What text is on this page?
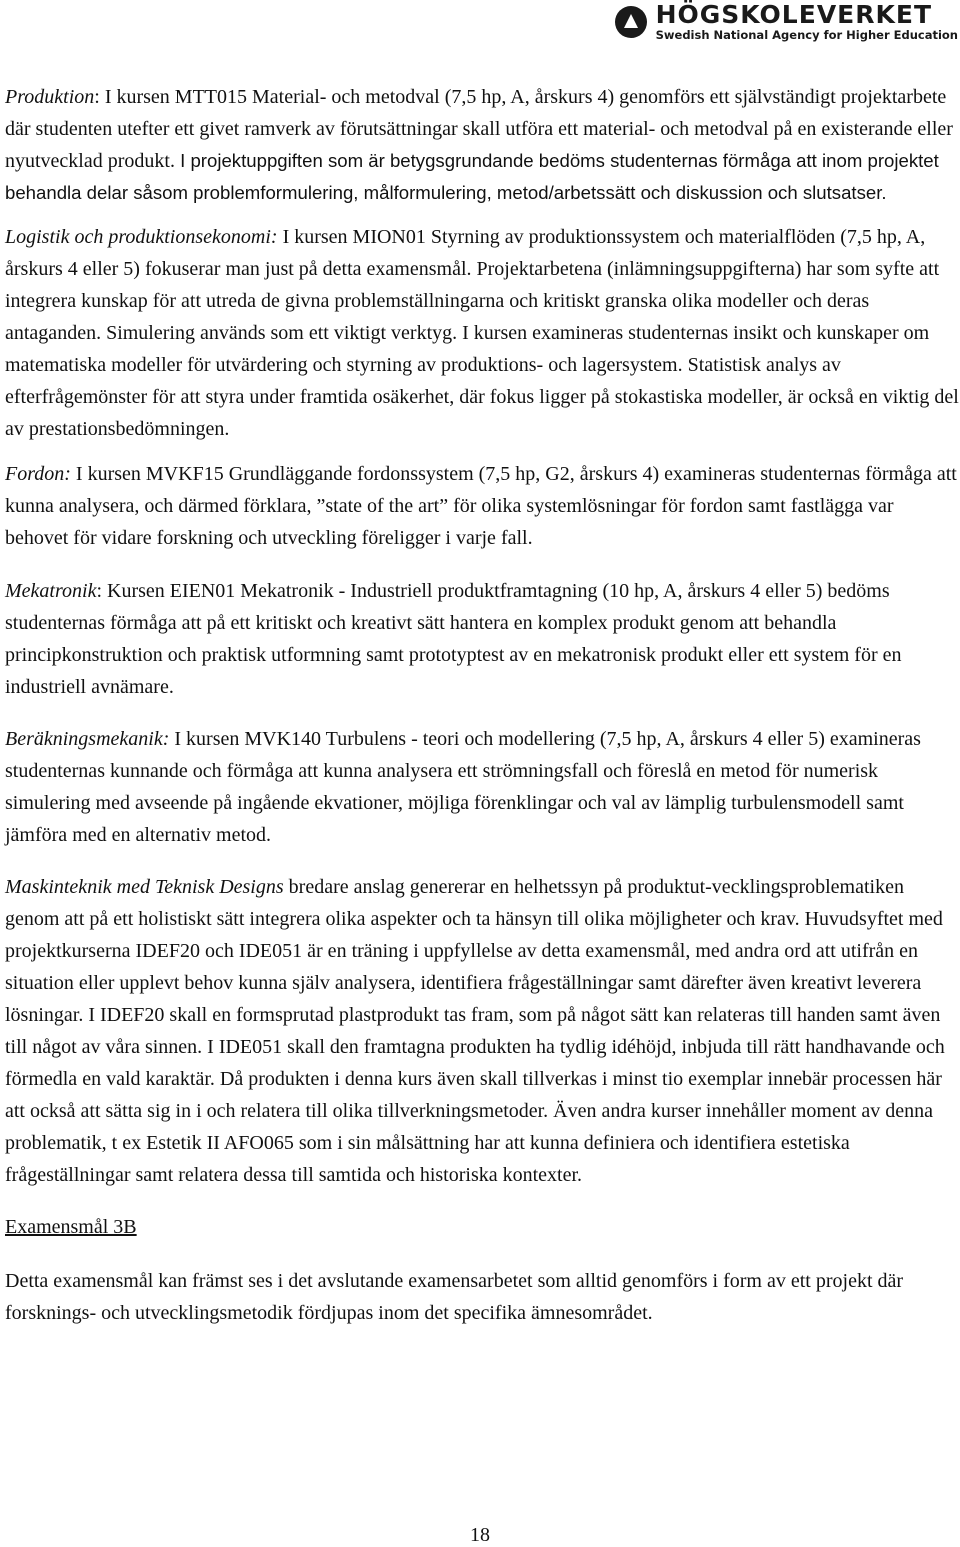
HÖGSKOLEVERKET
Swedish National Agency for Higher Education

Produktion: I kursen MTT015 Material- och metodval (7,5 hp, A, årskurs 4) genomförs ett självständigt projektarbete där studenten utefter ett givet ramverk av förutsättningar skall utföra ett material- och metodval på en existerande eller nyutvecklad produkt. I projektuppgiften som är betygsgrundande bedöms studenternas förmåga att inom projektet behandla delar såsom problemformulering, målformulering, metod/arbetssätt och diskussion och slutsatser.

Logistik och produktionsekonomi: I kursen MION01 Styrning av produktionssystem och materialflöden (7,5 hp, A, årskurs 4 eller 5) fokuserar man just på detta examensmål. Projektarbetena (inlämningsuppgifterna) har som syfte att integrera kunskap för att utreda de givna problemställningarna och kritiskt granska olika modeller och deras antaganden. Simulering används som ett viktigt verktyg. I kursen examineras studenternas insikt och kunskaper om matematiska modeller för utvärdering och styrning av produktions- och lagersystem. Statistisk analys av efterfrågemönster för att styra under framtida osäkerhet, där fokus ligger på stokastiska modeller, är också en viktig del av prestationsbedömningen.

Fordon: I kursen MVKF15 Grundläggande fordonssystem (7,5 hp, G2, årskurs 4) examineras studenternas förmåga att kunna analysera, och därmed förklara, ”state of the art” för olika systemlösningar för fordon samt fastlägga var behovet för vidare forskning och utveckling föreligger i varje fall.

Mekatronik: Kursen EIEN01 Mekatronik - Industriell produktframtagning (10 hp, A, årskurs 4 eller 5) bedöms studenternas förmåga att på ett kritiskt och kreativt sätt hantera en komplex produkt genom att behandla principkonstruktion och praktisk utformning samt prototyptest av en mekatronisk produkt eller ett system för en industriell avnämare.

Beräkningsmekanik: I kursen MVK140 Turbulens - teori och modellering (7,5 hp, A, årskurs 4 eller 5) examineras studenternas kunnande och förmåga att kunna analysera ett strömningsfall och föreslå en metod för numerisk simulering med avseende på ingående ekvationer, möjliga förenklingar och val av lämplig turbulensmodell samt jämföra med en alternativ metod.

Maskinteknik med Teknisk Designs bredare anslag genererar en helhetssyn på produktut-vecklingsproblematiken genom att på ett holistiskt sätt integrera olika aspekter och ta hänsyn till olika möjligheter och krav. Huvudsyftet med projektkurserna IDEF20 och IDE051 är en träning i uppfyllelse av detta examensmål, med andra ord att utifrån en situation eller upplevt behov kunna själv analysera, identifiera frågeställningar samt därefter även kreativt leverera lösningar. I IDEF20 skall en formsprutad plastprodukt tas fram, som på något sätt kan relateras till handen samt även till något av våra sinnen. I IDE051 skall den framtagna produkten ha tydlig idéhöjd, inbjuda till rätt handhavande och förmedla en vald karaktär. Då produkten i denna kurs även skall tillverkas i minst tio exemplar innebär processen här att också att sätta sig in i och relatera till olika tillverkningsmetoder. Även andra kurser innehåller moment av denna problematik, t ex Estetik II AFO065 som i sin målsättning har att kunna definiera och identifiera estetiska frågeställningar samt relatera dessa till samtida och historiska kontexter.

Examensmål 3B

Detta examensmål kan främst ses i det avslutande examensarbetet som alltid genomförs i form av ett projekt där forsknings- och utvecklingsmetodik fördjupas inom det specifika ämnesområdet.

18
